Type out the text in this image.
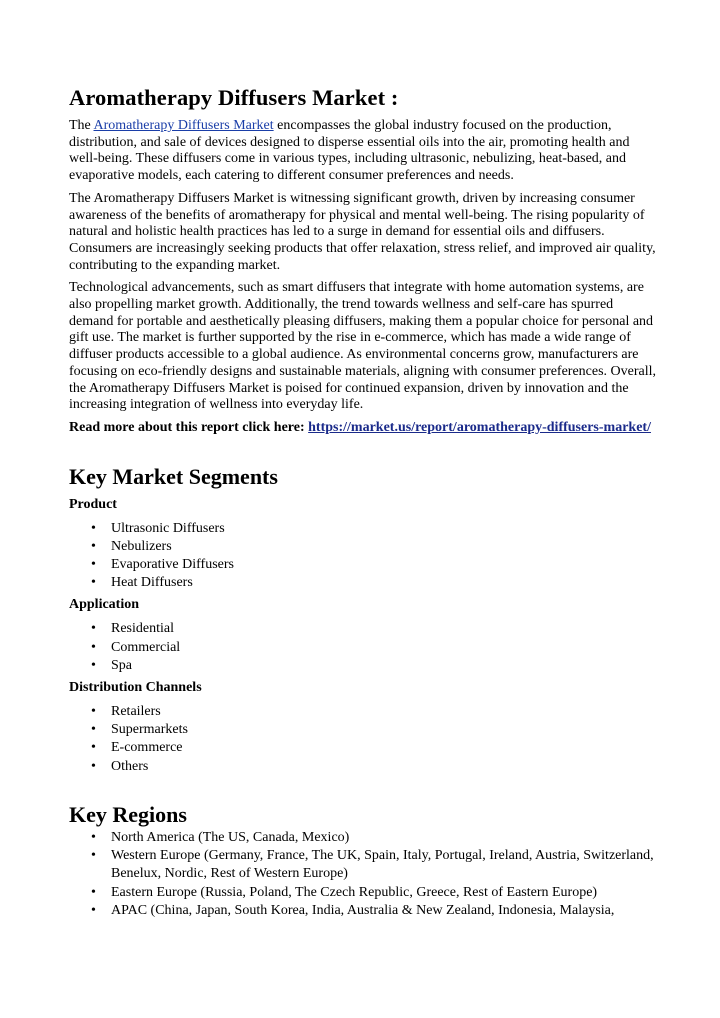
Aromatherapy Diffusers Market :

The Aromatherapy Diffusers Market encompasses the global industry focused on the production, distribution, and sale of devices designed to disperse essential oils into the air, promoting health and well-being. These diffusers come in various types, including ultrasonic, nebulizing, heat-based, and evaporative models, each catering to different consumer preferences and needs.

The Aromatherapy Diffusers Market is witnessing significant growth, driven by increasing consumer awareness of the benefits of aromatherapy for physical and mental well-being. The rising popularity of natural and holistic health practices has led to a surge in demand for essential oils and diffusers. Consumers are increasingly seeking products that offer relaxation, stress relief, and improved air quality, contributing to the expanding market.

Technological advancements, such as smart diffusers that integrate with home automation systems, are also propelling market growth. Additionally, the trend towards wellness and self-care has spurred demand for portable and aesthetically pleasing diffusers, making them a popular choice for personal and gift use. The market is further supported by the rise in e-commerce, which has made a wide range of diffuser products accessible to a global audience. As environmental concerns grow, manufacturers are focusing on eco-friendly designs and sustainable materials, aligning with consumer preferences. Overall, the Aromatherapy Diffusers Market is poised for continued expansion, driven by innovation and the increasing integration of wellness into everyday life.

Read more about this report click here: https://market.us/report/aromatherapy-diffusers-market/

Key Market Segments

Product

• Ultrasonic Diffusers
• Nebulizers
• Evaporative Diffusers
• Heat Diffusers

Application

• Residential
• Commercial
• Spa

Distribution Channels

• Retailers
• Supermarkets
• E-commerce
• Others
Key Regions
• North America (The US, Canada, Mexico)
• Western Europe (Germany, France, The UK, Spain, Italy, Portugal, Ireland, Austria, Switzerland, Benelux, Nordic, Rest of Western Europe)
• Eastern Europe (Russia, Poland, The Czech Republic, Greece, Rest of Eastern Europe)
• APAC (China, Japan, South Korea, India, Australia & New Zealand, Indonesia, Malaysia,
